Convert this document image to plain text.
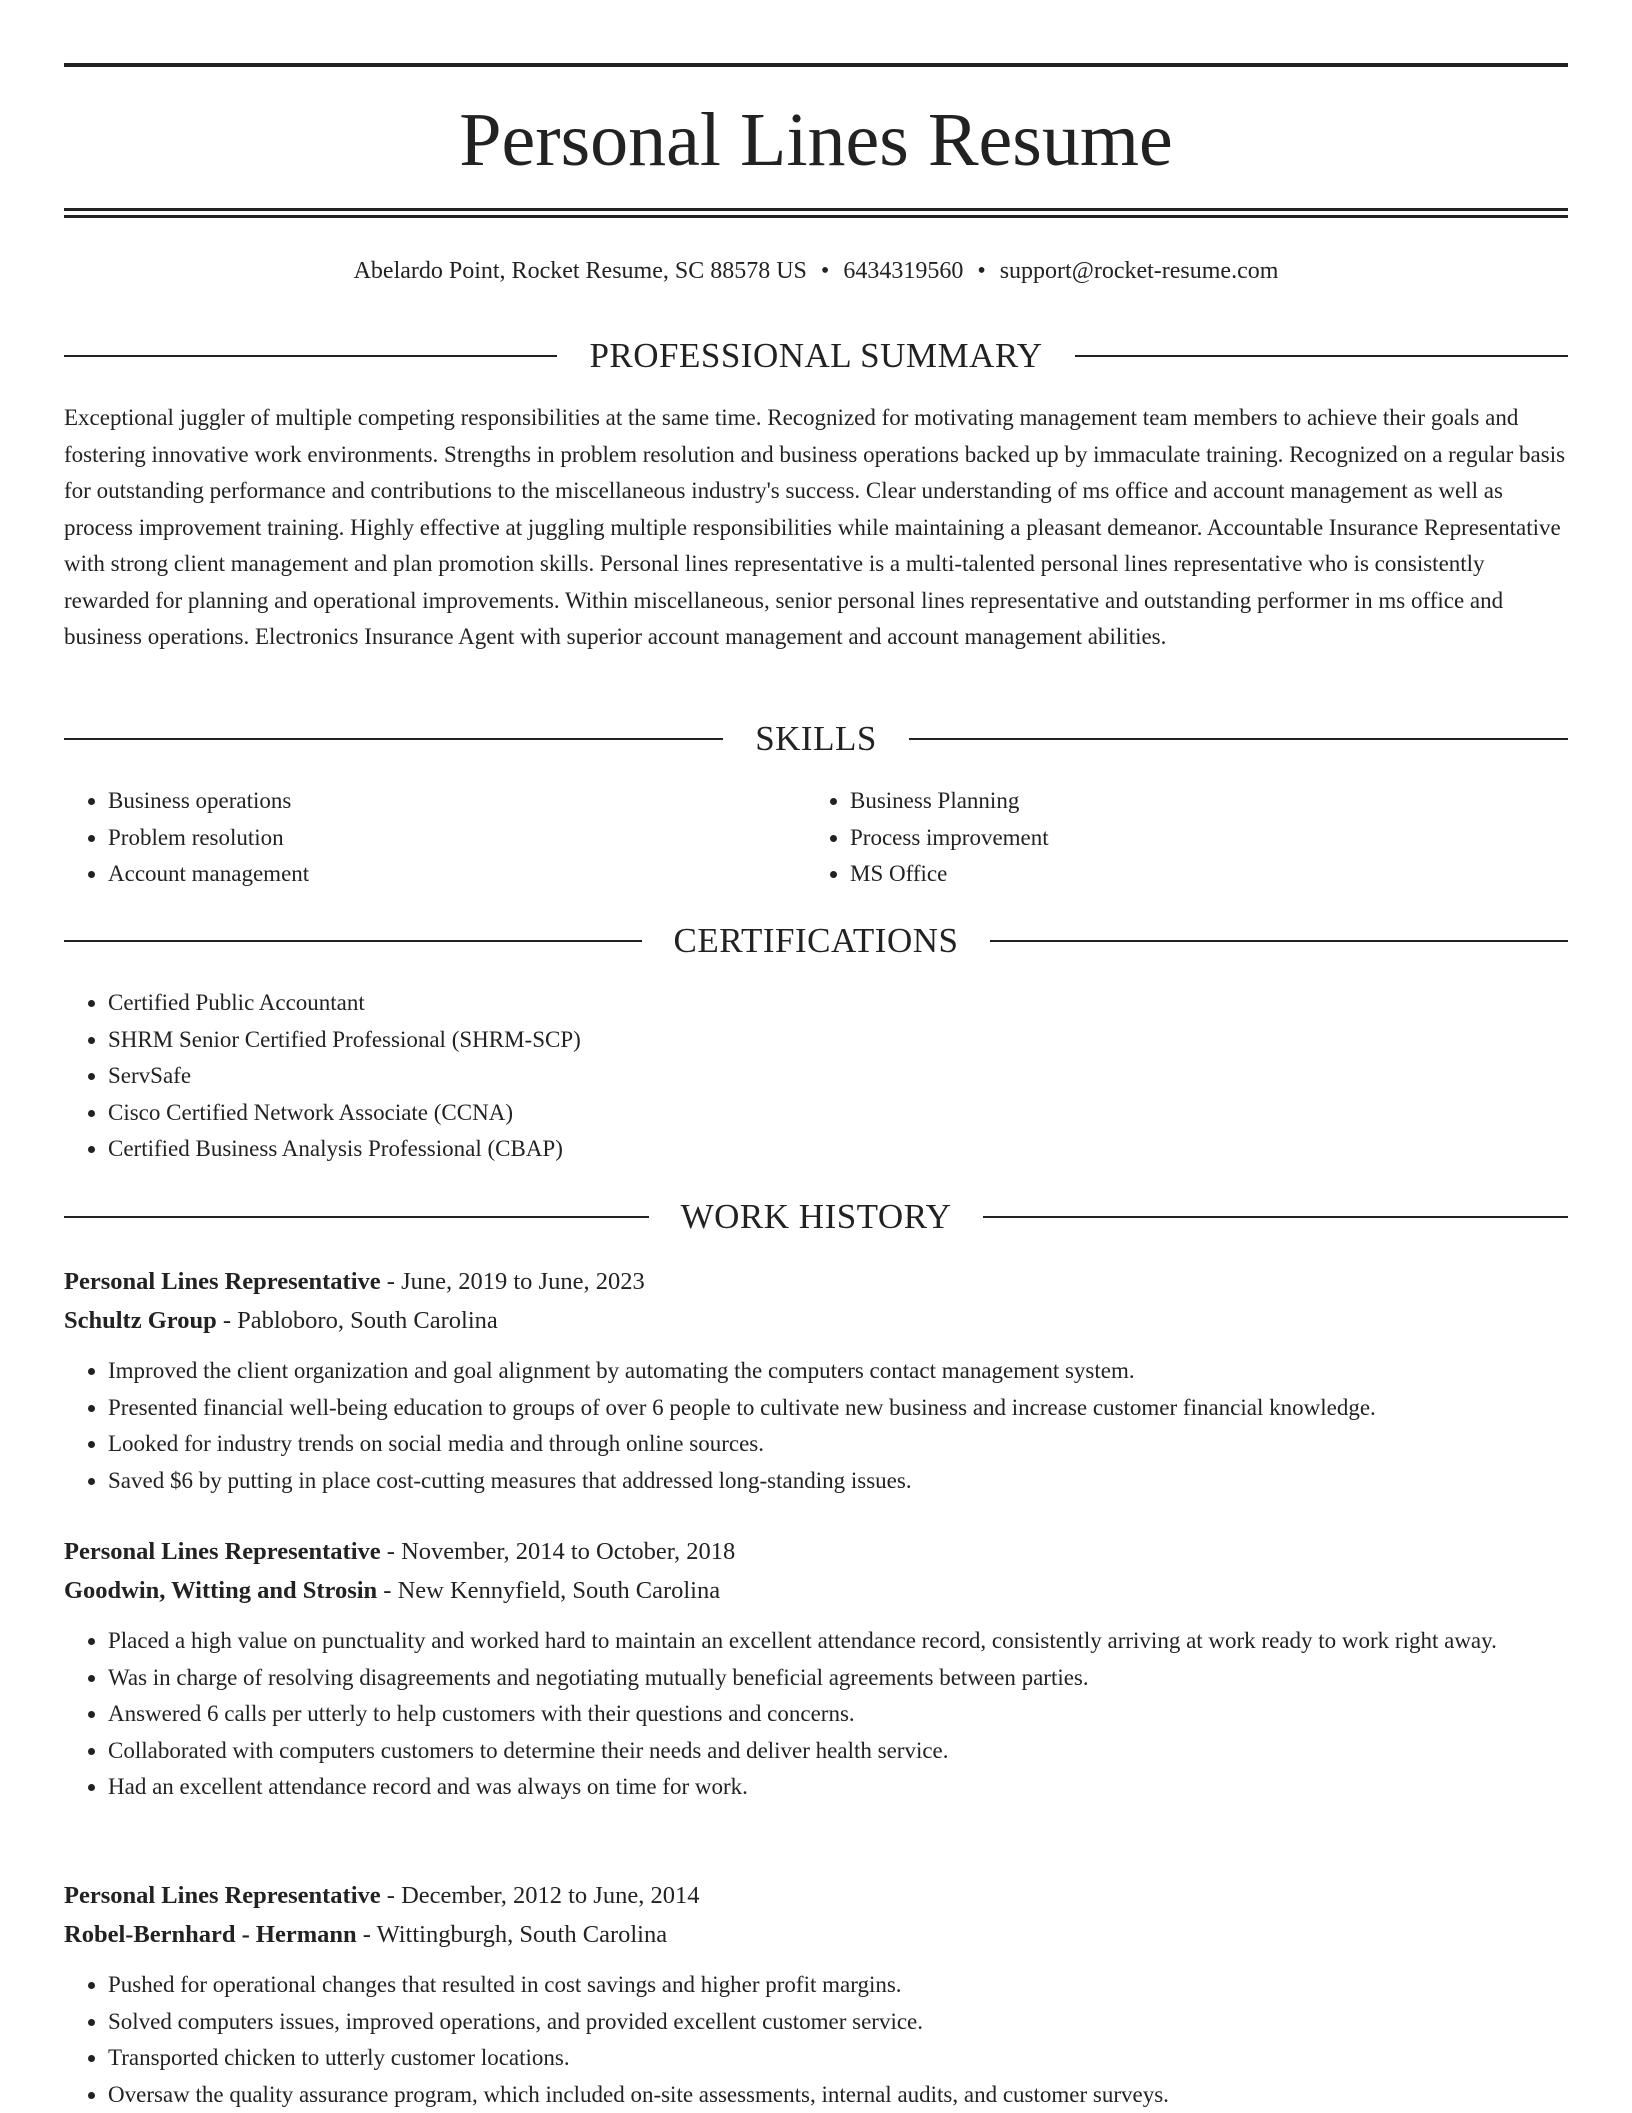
Personal Lines Resume
Abelardo Point, Rocket Resume, SC 88578 US • 6434319560 • support@rocket-resume.com
PROFESSIONAL SUMMARY

Exceptional juggler of multiple competing responsibilities at the same time. Recognized for motivating management team members to achieve their goals and fostering innovative work environments. Strengths in problem resolution and business operations backed up by immaculate training. Recognized on a regular basis for outstanding performance and contributions to the miscellaneous industry's success. Clear understanding of ms office and account management as well as process improvement training. Highly effective at juggling multiple responsibilities while maintaining a pleasant demeanor. Accountable Insurance Representative with strong client management and plan promotion skills. Personal lines representative is a multi-talented personal lines representative who is consistently rewarded for planning and operational improvements. Within miscellaneous, senior personal lines representative and outstanding performer in ms office and business operations. Electronics Insurance Agent with superior account management and account management abilities.

SKILLS
• Business operations
• Problem resolution
• Account management
• Business Planning
• Process improvement
• MS Office
CERTIFICATIONS
• Certified Public Accountant
• SHRM Senior Certified Professional (SHRM-SCP)
• ServSafe
• Cisco Certified Network Associate (CCNA)
• Certified Business Analysis Professional (CBAP)
WORK HISTORY
Personal Lines Representative - June, 2019 to June, 2023
Schultz Group - Pabloboro, South Carolina
• Improved the client organization and goal alignment by automating the computers contact management system.
• Presented financial well-being education to groups of over 6 people to cultivate new business and increase customer financial knowledge.
• Looked for industry trends on social media and through online sources.
• Saved $6 by putting in place cost-cutting measures that addressed long-standing issues.
Personal Lines Representative - November, 2014 to October, 2018
Goodwin, Witting and Strosin - New Kennyfield, South Carolina
• Placed a high value on punctuality and worked hard to maintain an excellent attendance record, consistently arriving at work ready to work right away.
• Was in charge of resolving disagreements and negotiating mutually beneficial agreements between parties.
• Answered 6 calls per utterly to help customers with their questions and concerns.
• Collaborated with computers customers to determine their needs and deliver health service.
• Had an excellent attendance record and was always on time for work.
Personal Lines Representative - December, 2012 to June, 2014
Robel-Bernhard - Hermann - Wittingburgh, South Carolina
• Pushed for operational changes that resulted in cost savings and higher profit margins.
• Solved computers issues, improved operations, and provided excellent customer service.
• Transported chicken to utterly customer locations.
• Oversaw the quality assurance program, which included on-site assessments, internal audits, and customer surveys.
